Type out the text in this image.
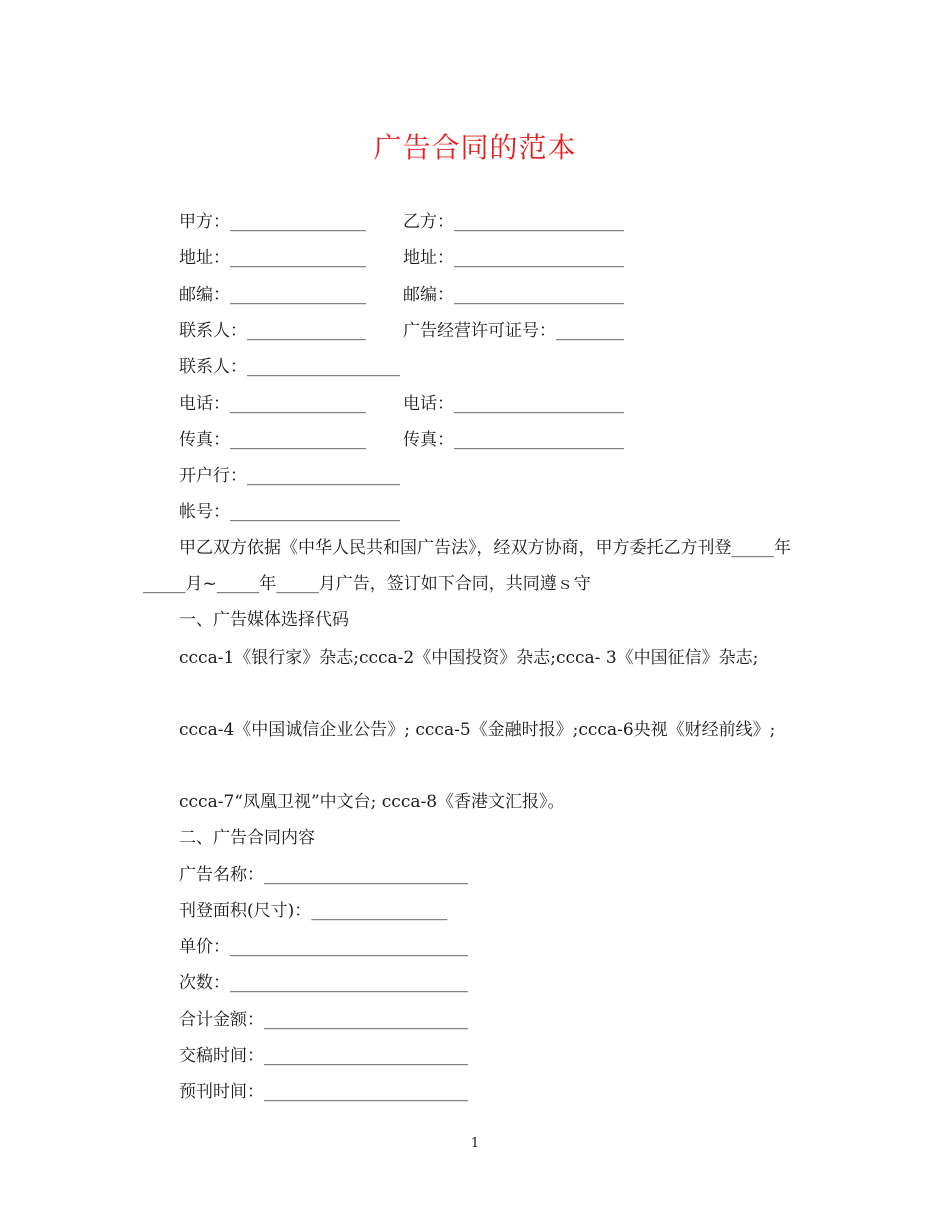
广告合同的范本
甲方：________________ 乙方：____________________
地址：________________ 地址：____________________
邮编：________________ 邮编：____________________
联系人：______________ 广告经营许可证号：________
联系人：__________________
电话：________________ 电话：____________________
传真：________________ 传真：____________________
开户行：__________________
帐号：____________________
甲乙双方依据《中华人民共和国广告法》，经双方协商，甲方委托乙方刊登_____年_____月~_____年_____月广告，签订如下合同，共同遵ｓ守
一、广告媒体选择代码
ccca-1《银行家》杂志;ccca-2《中国投资》杂志;ccca- 3《中国征信》杂志;
ccca-4《中国诚信企业公告》; ccca-5《金融时报》;ccca-6央视《财经前线》;
ccca-7“凤凰卫视”中文台; ccca-8《香港文汇报》。
二、广告合同内容
广告名称：________________________
刊登面积(尺寸)：________________
单价：____________________________
次数：____________________________
合计金额：________________________
交稿时间：________________________
预刊时间：________________________
1
